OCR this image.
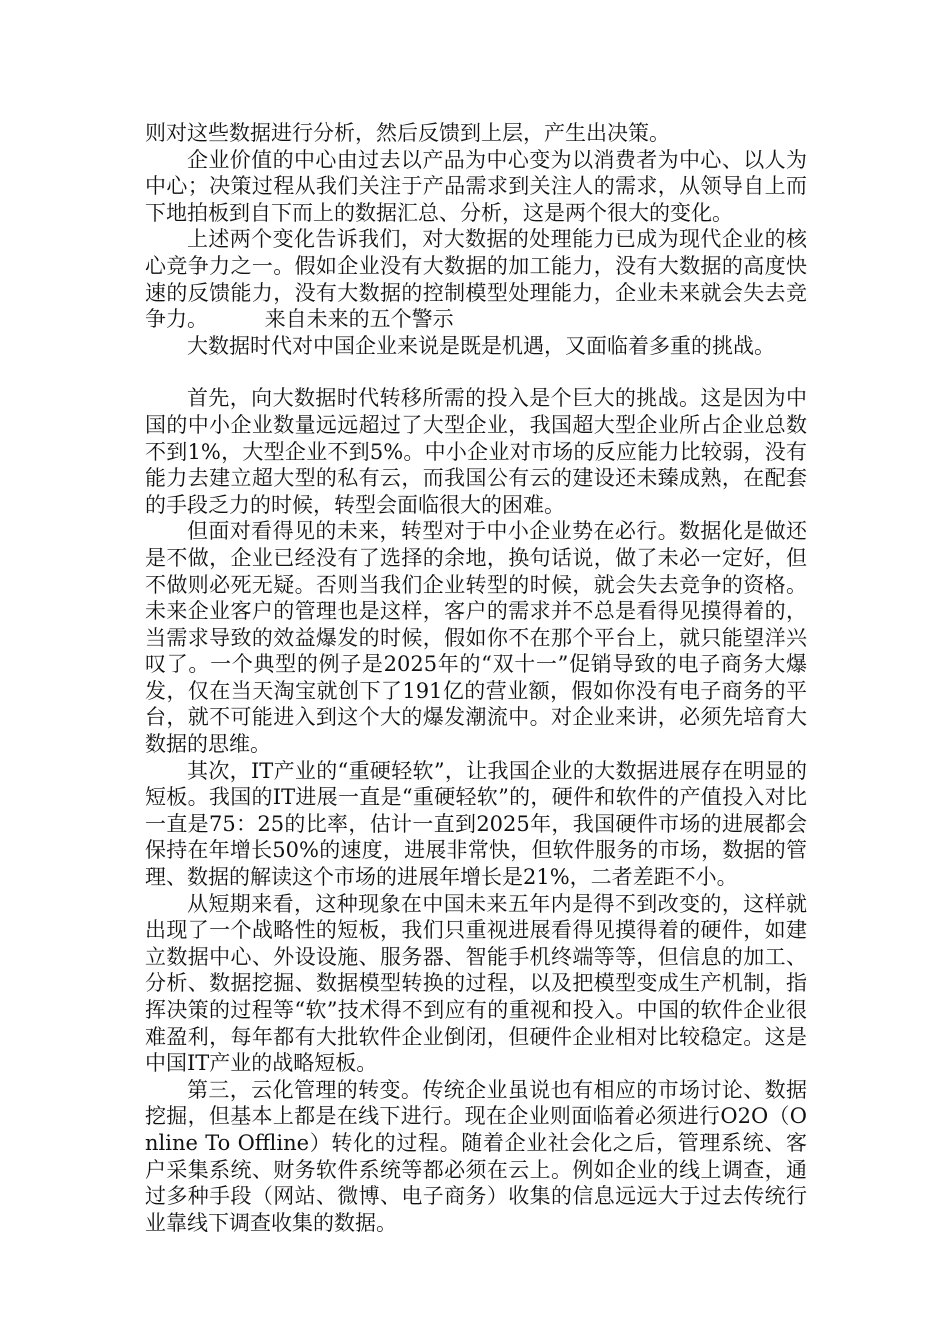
则对这些数据进行分析，然后反馈到上层，产生出决策。

企业价值的中心由过去以产品为中心变为以消费者为中心、以人为中心；决策过程从我们关注于产品需求到关注人的需求，从领导自上而下地拍板到自下而上的数据汇总、分析，这是两个很大的变化。

上述两个变化告诉我们，对大数据的处理能力已成为现代企业的核心竞争力之一。假如企业没有大数据的加工能力，没有大数据的高度快速的反馈能力，没有大数据的控制模型处理能力，企业未来就会失去竞争力。	来自未来的五个警示

大数据时代对中国企业来说是既是机遇，又面临着多重的挑战。

首先，向大数据时代转移所需的投入是个巨大的挑战。这是因为中国的中小企业数量远远超过了大型企业，我国超大型企业所占企业总数不到1%，大型企业不到5%。中小企业对市场的反应能力比较弱，没有能力去建立超大型的私有云，而我国公有云的建设还未臻成熟，在配套的手段乏力的时候，转型会面临很大的困难。

但面对看得见的未来，转型对于中小企业势在必行。数据化是做还是不做，企业已经没有了选择的余地，换句话说，做了未必一定好，但不做则必死无疑。否则当我们企业转型的时候，就会失去竞争的资格。未来企业客户的管理也是这样，客户的需求并不总是看得见摸得着的，当需求导致的效益爆发的时候，假如你不在那个平台上，就只能望洋兴叹了。一个典型的例子是2025年的“双十一”促销导致的电子商务大爆发，仅在当天淘宝就创下了191亿的营业额，假如你没有电子商务的平台，就不可能进入到这个大的爆发潮流中。对企业来讲，必须先培育大数据的思维。

其次，IT产业的“重硬轻软”，让我国企业的大数据进展存在明显的短板。我国的IT进展一直是“重硬轻软”的，硬件和软件的产值投入对比一直是75：25的比率，估计一直到2025年，我国硬件市场的进展都会保持在年增长50%的速度，进展非常快，但软件服务的市场，数据的管理、数据的解读这个市场的进展年增长是21%，二者差距不小。

从短期来看，这种现象在中国未来五年内是得不到改变的，这样就出现了一个战略性的短板，我们只重视进展看得见摸得着的硬件，如建立数据中心、外设设施、服务器、智能手机终端等等，但信息的加工、分析、数据挖掘、数据模型转换的过程，以及把模型变成生产机制，指挥决策的过程等“软”技术得不到应有的重视和投入。中国的软件企业很难盈利，每年都有大批软件企业倒闭，但硬件企业相对比较稳定。这是中国IT产业的战略短板。

第三，云化管理的转变。传统企业虽说也有相应的市场讨论、数据挖掘，但基本上都是在线下进行。现在企业则面临着必须进行O2O（Online To Offline）转化的过程。随着企业社会化之后，管理系统、客户采集系统、财务软件系统等都必须在云上。例如企业的线上调查，通过多种手段（网站、微博、电子商务）收集的信息远远大于过去传统行业靠线下调查收集的数据。
